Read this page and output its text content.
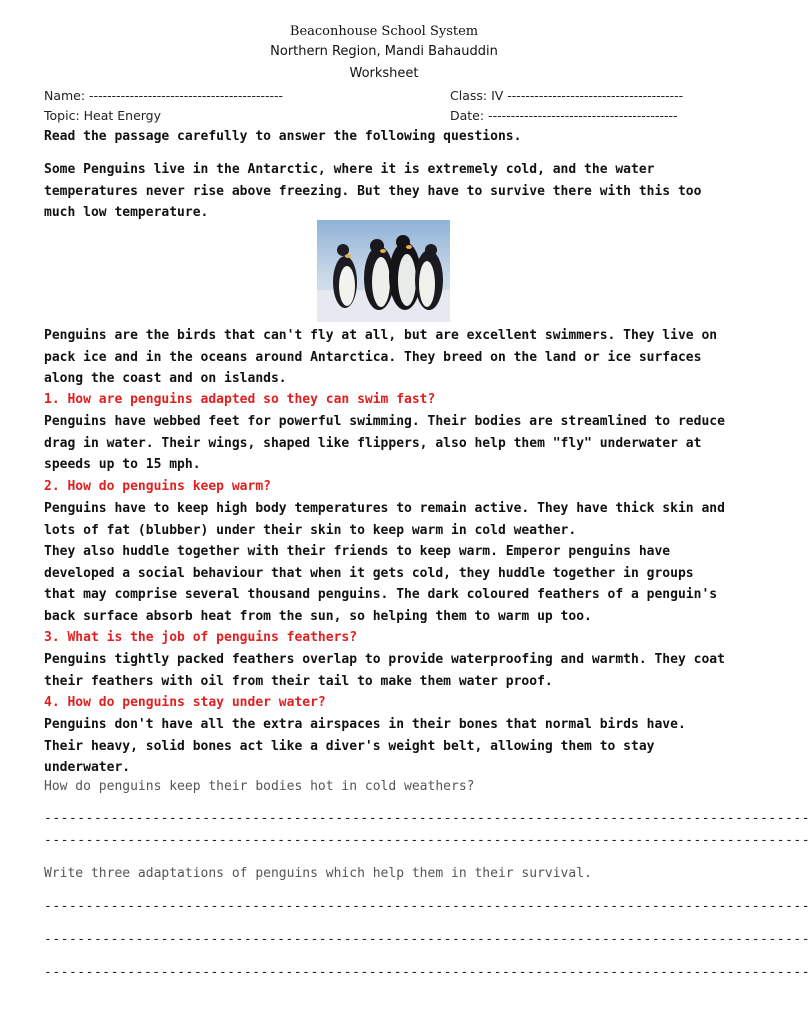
Beaconhouse School System
Northern Region, Mandi Bahauddin
Worksheet
Name: -------------------------------------------	Class: IV ---------------------------------------
Topic: Heat Energy	Date: ------------------------------------------

Read the passage carefully to answer the following questions.

Some Penguins live in the Antarctic, where it is extremely cold, and the water temperatures never rise above freezing. But they have to survive there with this too much low temperature.

Penguins are the birds that can't fly at all, but are excellent swimmers. They live on pack ice and in the oceans around Antarctica. They breed on the land or ice surfaces along the coast and on islands.

1. How are penguins adapted so they can swim fast?

Penguins have webbed feet for powerful swimming. Their bodies are streamlined to reduce drag in water. Their wings, shaped like flippers, also help them "fly" underwater at speeds up to 15 mph.

2. How do penguins keep warm?

Penguins have to keep high body temperatures to remain active. They have thick skin and lots of fat (blubber) under their skin to keep warm in cold weather.

They also huddle together with their friends to keep warm. Emperor penguins have developed a social behaviour that when it gets cold, they huddle together in groups that may comprise several thousand penguins. The dark coloured feathers of a penguin's back surface absorb heat from the sun, so helping them to warm up too.

3. What is the job of penguins feathers?

Penguins tightly packed feathers overlap to provide waterproofing and warmth. They coat their feathers with oil from their tail to make them water proof.

4. How do penguins stay under water?

Penguins don't have all the extra airspaces in their bones that normal birds have. Their heavy, solid bones act like a diver's weight belt, allowing them to stay underwater.

How do penguins keep their bodies hot in cold weathers?
--------------------------------------------------------------------------------------------
--------------------------------------------------------------------------------------------
Write three adaptations of penguins which help them in their survival.
--------------------------------------------------------------------------------------------
--------------------------------------------------------------------------------------------
--------------------------------------------------------------------------------------------
